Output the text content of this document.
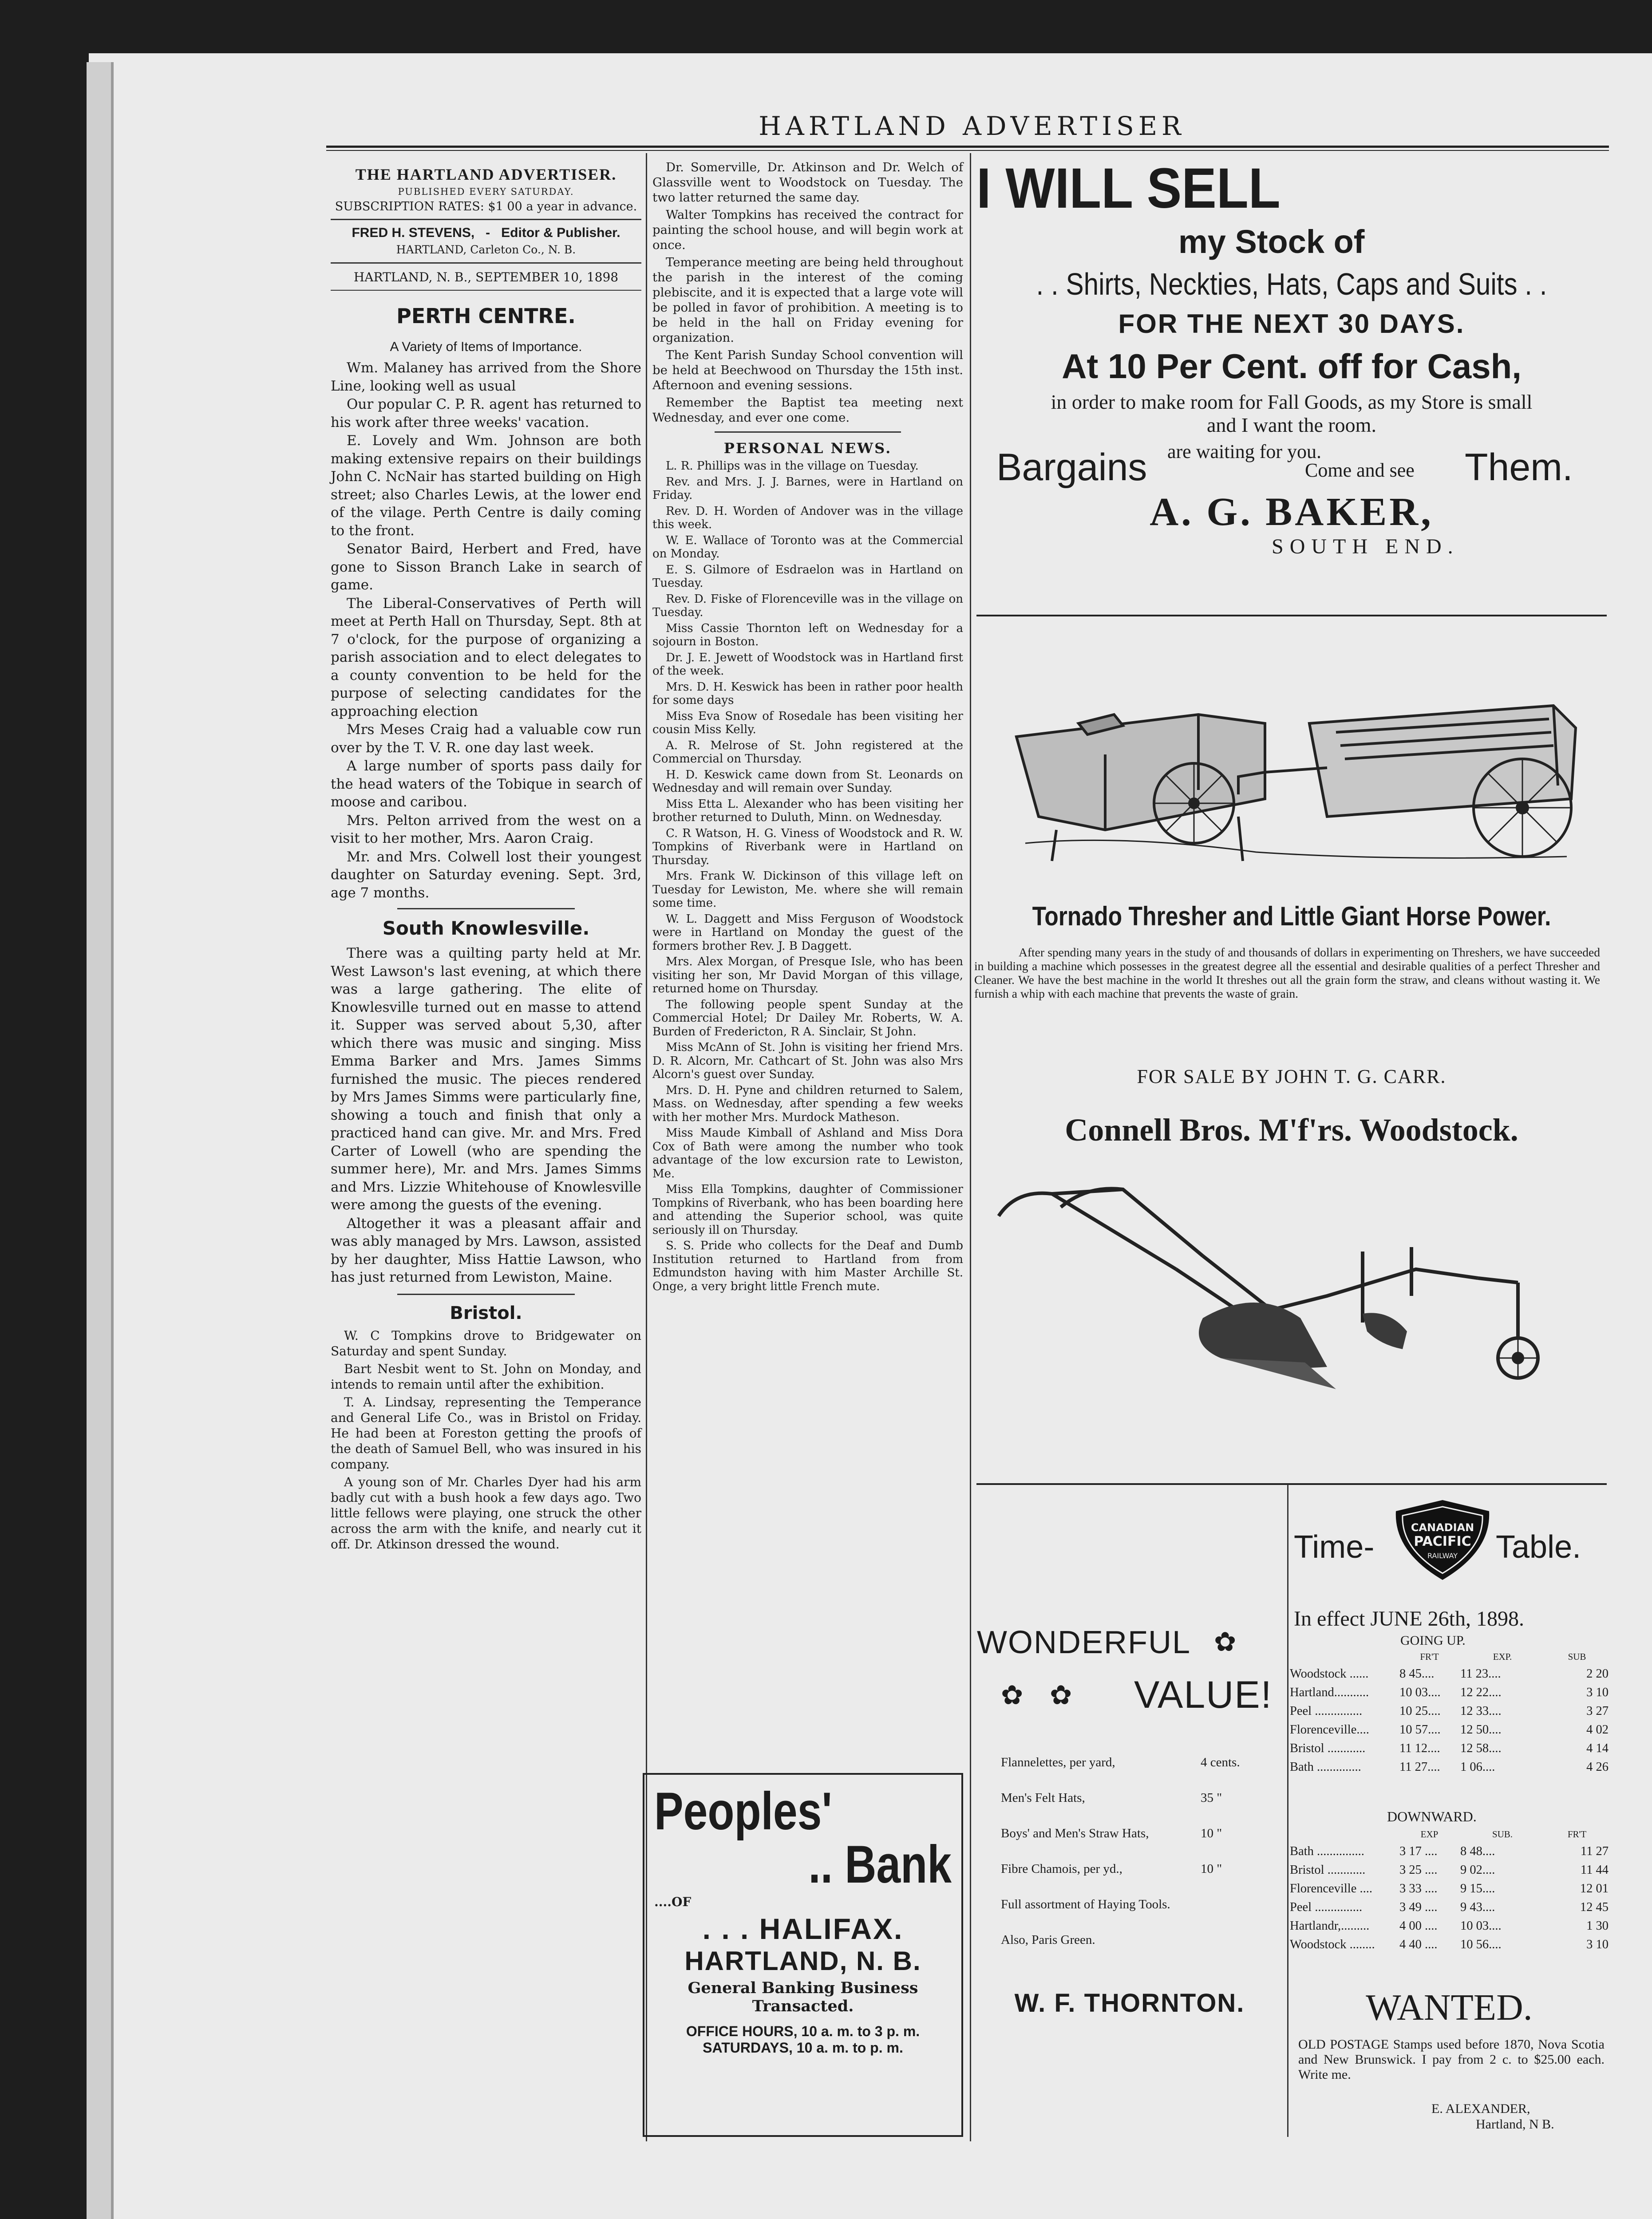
HARTLAND ADVERTISER
THE HARTLAND ADVERTISER.
PUBLISHED EVERY SATURDAY.
SUBSCRIPTION RATES: $1 00 a year in advance.
FRED H. STEVENS,   -   Editor & Publisher.
HARTLAND, Carleton Co., N. B.
HARTLAND, N. B., SEPTEMBER 10, 1898
PERTH CENTRE.
A Variety of Items of Importance.

Wm. Malaney has arrived from the Shore Line, looking well as usual

Our popular C. P. R. agent has returned to his work after three weeks' vacation.

E. Lovely and Wm. Johnson are both making extensive repairs on their buildings John C. NcNair has started building on High street; also Charles Lewis, at the lower end of the vilage. Perth Centre is daily coming to the front.

Senator Baird, Herbert and Fred, have gone to Sisson Branch Lake in search of game.

The Liberal-Conservatives of Perth will meet at Perth Hall on Thursday, Sept. 8th at 7 o'clock, for the purpose of organizing a parish association and to elect delegates to a county convention to be held for the purpose of selecting candidates for the approaching election

Mrs Meses Craig had a valuable cow run over by the T. V. R. one day last week.

A large number of sports pass daily for the head waters of the Tobique in search of moose and caribou.

Mrs. Pelton arrived from the west on a visit to her mother, Mrs. Aaron Craig.

Mr. and Mrs. Colwell lost their youngest daughter on Saturday evening. Sept. 3rd, age 7 months.

South Knowlesville.

There was a quilting party held at Mr. West Lawson's last evening, at which there was a large gathering. The elite of Knowlesville turned out en masse to attend it. Supper was served about 5,30, after which there was music and singing. Miss Emma Barker and Mrs. James Simms furnished the music. The pieces rendered by Mrs James Simms were particularly fine, showing a touch and finish that only a practiced hand can give. Mr. and Mrs. Fred Carter of Lowell (who are spending the summer here), Mr. and Mrs. James Simms and Mrs. Lizzie Whitehouse of Knowlesville were among the guests of the evening.

Altogether it was a pleasant affair and was ably managed by Mrs. Lawson, assisted by her daughter, Miss Hattie Lawson, who has just returned from Lewiston, Maine.

Bristol.

W. C Tompkins drove to Bridgewater on Saturday and spent Sunday.

Bart Nesbit went to St. John on Monday, and intends to remain until after the exhibition.

T. A. Lindsay, representing the Temperance and General Life Co., was in Bristol on Friday. He had been at Foreston getting the proofs of the death of Samuel Bell, who was insured in his company.

A young son of Mr. Charles Dyer had his arm badly cut with a bush hook a few days ago. Two little fellows were playing, one struck the other across the arm with the knife, and nearly cut it off. Dr. Atkinson dressed the wound.

Dr. Somerville, Dr. Atkinson and Dr. Welch of Glassville went to Woodstock on Tuesday. The two latter returned the same day.

Walter Tompkins has received the contract for painting the school house, and will begin work at once.

Temperance meeting are being held throughout the parish in the interest of the coming plebiscite, and it is expected that a large vote will be polled in favor of prohibition. A meeting is to be held in the hall on Friday evening for organization.

The Kent Parish Sunday School convention will be held at Beechwood on Thursday the 15th inst. Afternoon and evening sessions.

Remember the Baptist tea meeting next Wednesday, and ever one come.

PERSONAL NEWS.

L. R. Phillips was in the village on Tuesday.

Rev. and Mrs. J. J. Barnes, were in Hartland on Friday.

Rev. D. H. Worden of Andover was in the village this week.

W. E. Wallace of Toronto was at the Commercial on Monday.

E. S. Gilmore of Esdraelon was in Hartland on Tuesday.

Rev. D. Fiske of Florenceville was in the village on Tuesday.

Miss Cassie Thornton left on Wednesday for a sojourn in Boston.

Dr. J. E. Jewett of Woodstock was in Hartland first of the week.

Mrs. D. H. Keswick has been in rather poor health for some days

Miss Eva Snow of Rosedale has been visiting her cousin Miss Kelly.

A. R. Melrose of St. John registered at the Commercial on Thursday.

H. D. Keswick came down from St. Leonards on Wednesday and will remain over Sunday.

Miss Etta L. Alexander who has been visiting her brother returned to Duluth, Minn. on Wednesday.

C. R Watson, H. G. Viness of Woodstock and R. W. Tompkins of Riverbank were in Hartland on Thursday.

Mrs. Frank W. Dickinson of this village left on Tuesday for Lewiston, Me. where she will remain some time.

W. L. Daggett and Miss Ferguson of Woodstock were in Hartland on Monday the guest of the formers brother Rev. J. B Daggett.

Mrs. Alex Morgan, of Presque Isle, who has been visiting her son, Mr David Morgan of this village, returned home on Thursday.

The following people spent Sunday at the Commercial Hotel; Dr Dailey Mr. Roberts, W. A. Burden of Fredericton, R A. Sinclair, St John.

Miss McAnn of St. John is visiting her friend Mrs. D. R. Alcorn, Mr. Cathcart of St. John was also Mrs Alcorn's guest over Sunday.

Mrs. D. H. Pyne and children returned to Salem, Mass. on Wednesday, after spending a few weeks with her mother Mrs. Murdock Matheson.

Miss Maude Kimball of Ashland and Miss Dora Cox of Bath were among the number who took advantage of the low excursion rate to Lewiston, Me.

Miss Ella Tompkins, daughter of Commissioner Tompkins of Riverbank, who has been boarding here and attending the Superior school, was quite seriously ill on Thursday.

S. S. Pride who collects for the Deaf and Dumb Institution returned to Hartland from from Edmundston having with him Master Archille St. Onge, a very bright little French mute.

Peoples'
.. Bank
....OF
. . . HALIFAX.
HARTLAND, N. B.
General Banking Business
Transacted.
OFFICE HOURS, 10 a. m. to 3 p. m.
SATURDAYS, 10 a. m. to p. m.
I WILL SELL
my Stock of
. . Shirts, Neckties, Hats, Caps and Suits . .
FOR THE NEXT 30 DAYS.
At 10 Per Cent. off for Cash,
in order to make room for Fall Goods, as my Store is small
and I want the room.
Bargains are waiting for you.
Come and see Them.
A. G. BAKER,
SOUTH END.
Tornado Thresher and Little Giant Horse Power.
After spending many years in the study of and thousands of dollars in experimenting on Threshers, we have succeeded in building a machine which possesses in the greatest degree all the essential and desirable qualities of a perfect Thresher and Cleaner. We have the best machine in the world It threshes out all the grain form the straw, and cleans without wasting it. We furnish a whip with each machine that prevents the waste of grain.
FOR SALE BY JOHN T. G. CARR.
Connell Bros. M'f'rs. Woodstock.
WONDERFUL ✿
✿ ✿ VALUE!
Flannelettes, per yard,	4 cents.
Men's Felt Hats,	35 "
Boys' and Men's Straw Hats,	10 "
Fibre Chamois, per yd.,	10 "
Full assortment of Haying Tools.
Also, Paris Green.
W. F. THORNTON.
Time-
CANADIAN
PACIFIC
RAILWAY Table.
In effect JUNE 26th, 1898.
GOING UP.
	FR'T	EXP.	SUB
Woodstock ......	8 45....	11 23....	2 20
Hartland...........	10 03....	12 22....	3 10
Peel ...............	10 25....	12 33....	3 27
Florenceville....	10 57....	12 50....	4 02
Bristol ............	11 12....	12 58....	4 14
Bath ..............	11 27....	1 06....	4 26
DOWNWARD.
	EXP	SUB.	FR'T
Bath ...............	3 17 ....	8 48....	11 27
Bristol ............	3 25 ....	9 02....	11 44
Florenceville ....	3 33 ....	9 15....	12 01
Peel ...............	3 49 ....	9 43....	12 45
Hartlandr,.........	4 00 ....	10 03....	1 30
Woodstock ........	4 40 ....	10 56....	3 10
WANTED.
OLD POSTAGE Stamps used before 1870, Nova Scotia and New Brunswick. I pay from 2 c. to $25.00 each. Write me.
E. ALEXANDER,
Hartland, N B.
